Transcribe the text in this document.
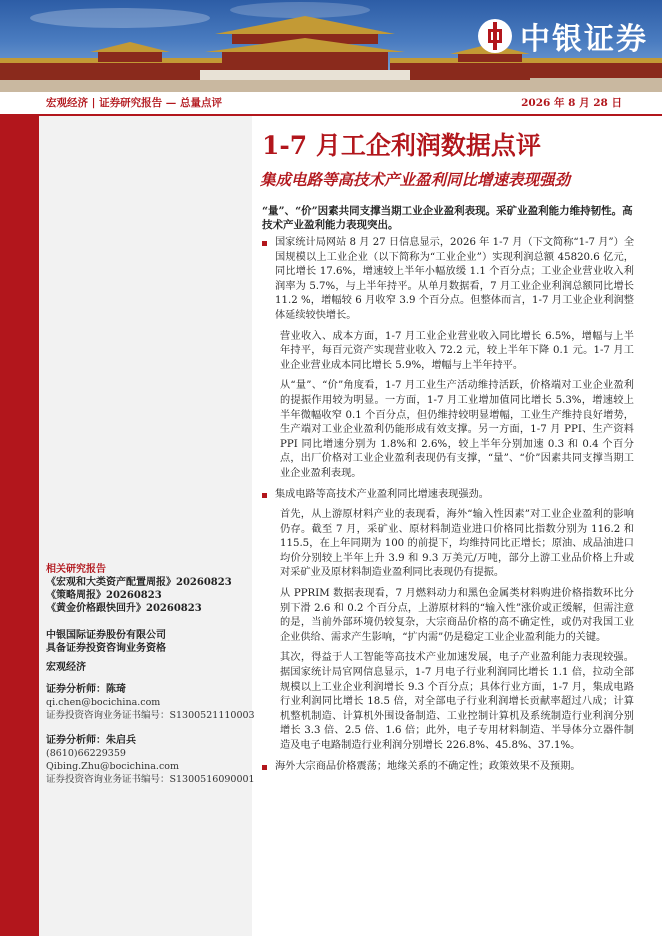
中银证券
宏观经济 | 证券研究报告 — 总量点评	2026 年 8 月 28 日
相关研究报告
《宏观和大类资产配置周报》20260823
《策略周报》20260823
《黄金价格跟快回升》20260823
中银国际证券股份有限公司
具备证券投资咨询业务资格
宏观经济
证券分析师：陈琦
qi.chen@bocichina.com
证券投资咨询业务证书编号：S1300521110003
证券分析师：朱启兵
(8610)66229359
Qibing.Zhu@bocichina.com
证券投资咨询业务证书编号：S1300516090001
1-7 月工企利润数据点评
集成电路等高技术产业盈利同比增速表现强劲
“量”、“价”因素共同支撑当期工业企业盈利表现。采矿业盈利能力维持韧性。高技术产业盈利能力表现突出。
国家统计局网站 8 月 27 日信息显示，2026 年 1-7 月（下文简称“1-7 月”）全国规模以上工业企业（以下简称为“工业企业”）实现利润总额 45820.6 亿元，同比增长 17.6%，增速较上半年小幅放缓 1.1 个百分点；工业企业营业收入利润率为 5.7%，与上半年持平。从单月数据看，7 月工业企业利润总额同比增长 11.2 %，增幅较 6 月收窄 3.9 个百分点。但整体而言，1-7 月工业企业利润整体延续较快增长。
营业收入、成本方面，1-7 月工业企业营业收入同比增长 6.5%，增幅与上半年持平，每百元资产实现营业收入 72.2 元，较上半年下降 0.1 元。1-7 月工业企业营业成本同比增长 5.9%，增幅与上半年持平。
从“量”、“价”角度看，1-7 月工业生产活动维持活跃，价格端对工业企业盈利的提振作用较为明显。一方面，1-7 月工业增加值同比增长 5.3%，增速较上半年微幅收窄 0.1 个百分点，但仍维持较明显增幅，工业生产维持良好增势，生产端对工业企业盈利仍能形成有效支撑。另一方面，1-7 月 PPI、生产资料 PPI 同比增速分别为 1.8%和 2.6%，较上半年分别加速 0.3 和 0.4 个百分点，出厂价格对工业企业盈利表现仍有支撑，“量”、“价”因素共同支撑当期工业企业盈利表现。
集成电路等高技术产业盈利同比增速表现强劲。
首先，从上游原材料产业的表现看，海外“输入性因素”对工业企业盈利的影响仍存。截至 7 月，采矿业、原材料制造业进口价格同比指数分别为 116.2 和 115.5，在上年同期为 100 的前提下，均维持同比正增长；原油、成品油进口均价分别较上半年上升 3.9 和 9.3 万美元/万吨，部分上游工业品价格上升或对采矿业及原材料制造业盈利同比表现仍有提振。
从 PPRIM 数据表现看，7 月燃料动力和黑色金属类材料购进价格指数环比分别下滑 2.6 和 0.2 个百分点，上游原材料的“输入性”涨价或正缓解，但需注意的是，当前外部环境仍较复杂，大宗商品价格的高不确定性，或仍对我国工业企业供给、需求产生影响，“扩内需”仍是稳定工业企业盈利能力的关键。
其次，得益于人工智能等高技术产业加速发展，电子产业盈利能力表现较强。据国家统计局官网信息显示，1-7 月电子行业利润同比增长 1.1 倍，拉动全部规模以上工业企业利润增长 9.3 个百分点；具体行业方面，1-7 月，集成电路行业利润同比增长 18.5 倍，对全部电子行业利润增长贡献率超过八成；计算机整机制造、计算机外围设备制造、工业控制计算机及系统制造行业利润分别增长 3.3 倍、2.5 倍、1.6 倍；此外，电子专用材料制造、半导体分立器件制造及电子电路制造行业利润分别增长 226.8%、45.8%、37.1%。
海外大宗商品价格震荡；地缘关系的不确定性；政策效果不及预期。
